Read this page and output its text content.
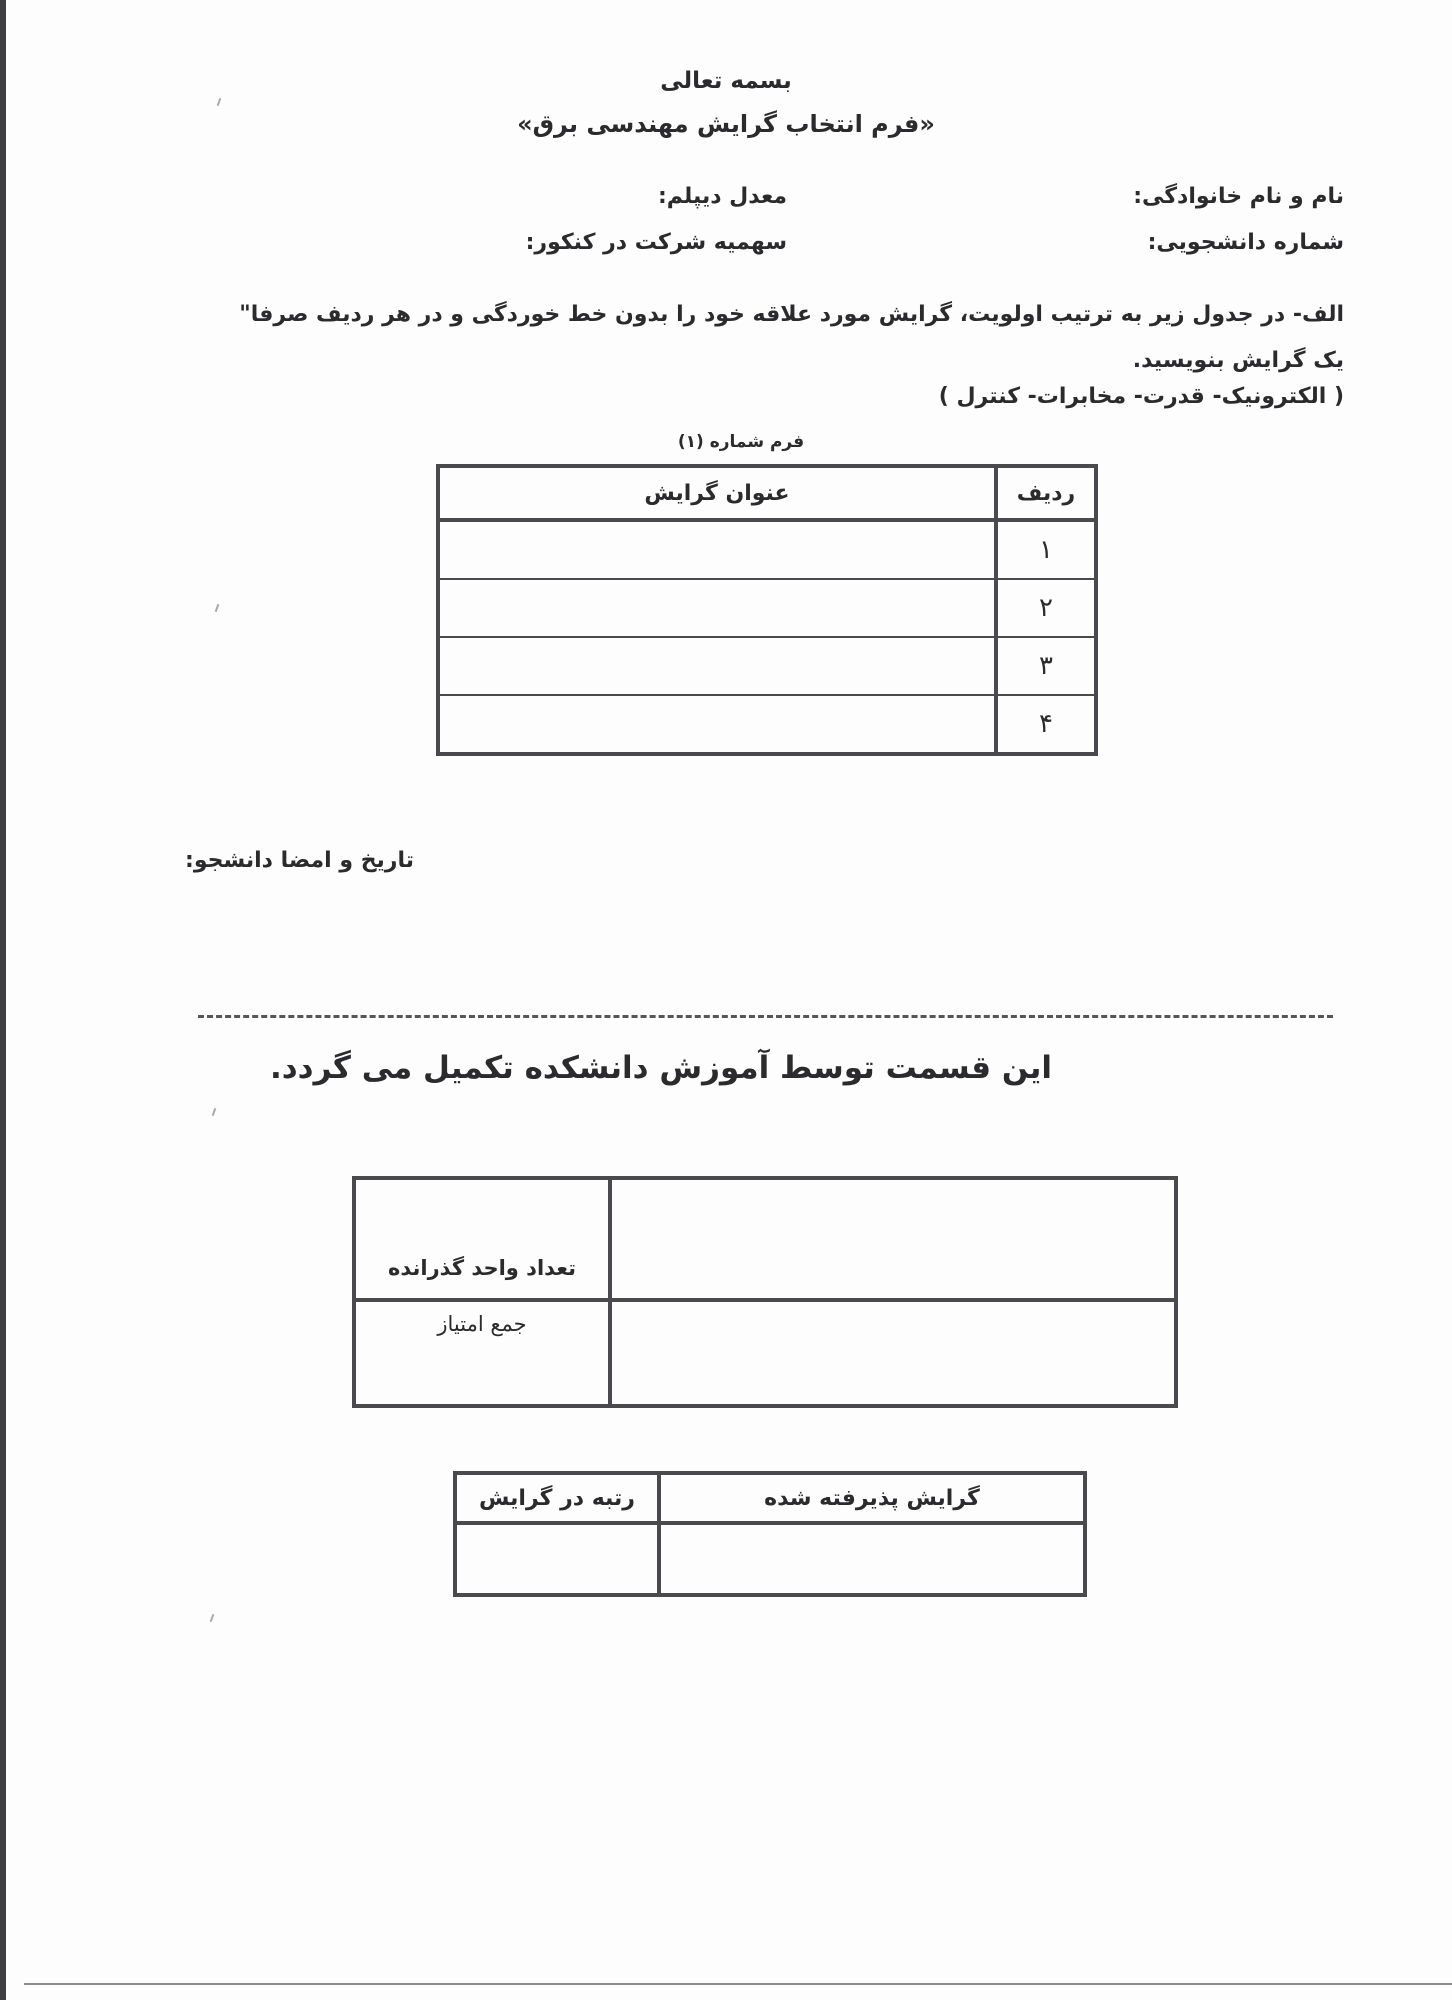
بسمه تعالی
«فرم انتخاب گرایش مهندسی برق»
نام و نام خانوادگی:
شماره دانشجویی:
معدل دیپلم:
سهمیه شرکت در کنکور:
الف- در جدول زیر به ترتیب اولویت، گرایش مورد علاقه خود را بدون خط خوردگی و در هر ردیف صرفا" یک گرایش بنویسید.
( الکترونیک- قدرت- مخابرات- کنترل )
فرم شماره (۱)
ردیف	عنوان گرایش
۱	
۲	
۳	
۴	
تاریخ و امضا دانشجو:
این قسمت توسط آموزش دانشکده تکمیل می گردد.
تعداد واحد گذرانده	
جمع امتیاز	
گرایش پذیرفته شده	رتبه در گرایش
